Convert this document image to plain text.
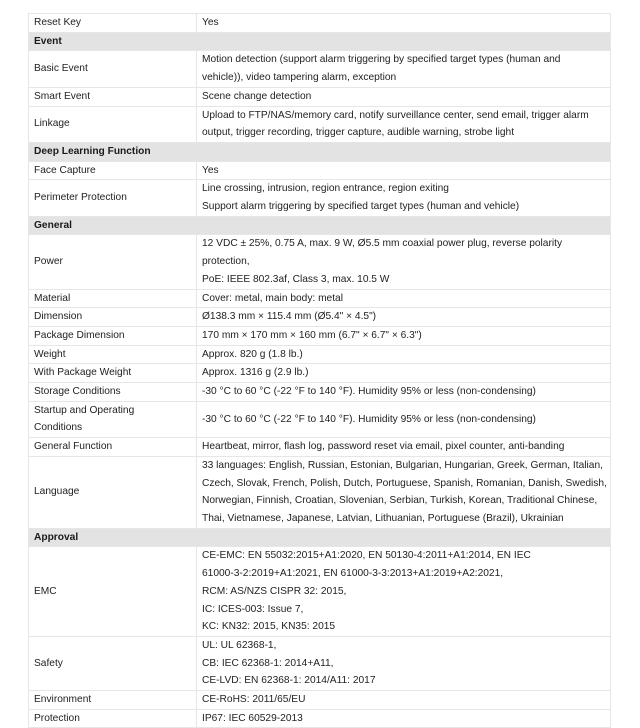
Reset Key	Yes

Event	
Basic Event	Motion detection (support alarm triggering by specified target types (human and
vehicle)), video tampering alarm, exception

Smart Event	Scene change detection

Linkage	Upload to FTP/NAS/memory card, notify surveillance center, send email, trigger alarm
output, trigger recording, trigger capture, audible warning, strobe light

Deep Learning Function	
Face Capture	Yes

Perimeter Protection	Line crossing, intrusion, region entrance, region exiting
Support alarm triggering by specified target types (human and vehicle)

General	
Power	12 VDC ± 25%, 0.75 A, max. 9 W, Ø5.5 mm coaxial power plug, reverse polarity
protection,
PoE: IEEE 802.3af, Class 3, max. 10.5 W

Material	Cover: metal, main body: metal

Dimension	Ø138.3 mm × 115.4 mm (Ø5.4" × 4.5")

Package Dimension	170 mm × 170 mm × 160 mm (6.7" × 6.7" × 6.3")

Weight	Approx. 820 g (1.8 lb.)

With Package Weight	Approx. 1316 g (2.9 lb.)

Storage Conditions	-30 °C to 60 °C (-22 °F to 140 °F). Humidity 95% or less (non-condensing)

Startup and Operating
Conditions	-30 °C to 60 °C (-22 °F to 140 °F). Humidity 95% or less (non-condensing)

General Function	Heartbeat, mirror, flash log, password reset via email, pixel counter, anti-banding

Language	33 languages: English, Russian, Estonian, Bulgarian, Hungarian, Greek, German, Italian,
Czech, Slovak, French, Polish, Dutch, Portuguese, Spanish, Romanian, Danish, Swedish,
Norwegian, Finnish, Croatian, Slovenian, Serbian, Turkish, Korean, Traditional Chinese,
Thai, Vietnamese, Japanese, Latvian, Lithuanian, Portuguese (Brazil), Ukrainian

Approval	
EMC	CE-EMC: EN 55032:2015+A1:2020, EN 50130-4:2011+A1:2014, EN IEC
61000-3-2:2019+A1:2021, EN 61000-3-3:2013+A1:2019+A2:2021,
RCM: AS/NZS CISPR 32: 2015,
IC: ICES-003: Issue 7,
KC: KN32: 2015, KN35: 2015

Safety	UL: UL 62368-1,
CB: IEC 62368-1: 2014+A11,
CE-LVD: EN 62368-1: 2014/A11: 2017

Environment	CE-RoHS: 2011/65/EU

Protection	IP67: IEC 60529-2013
